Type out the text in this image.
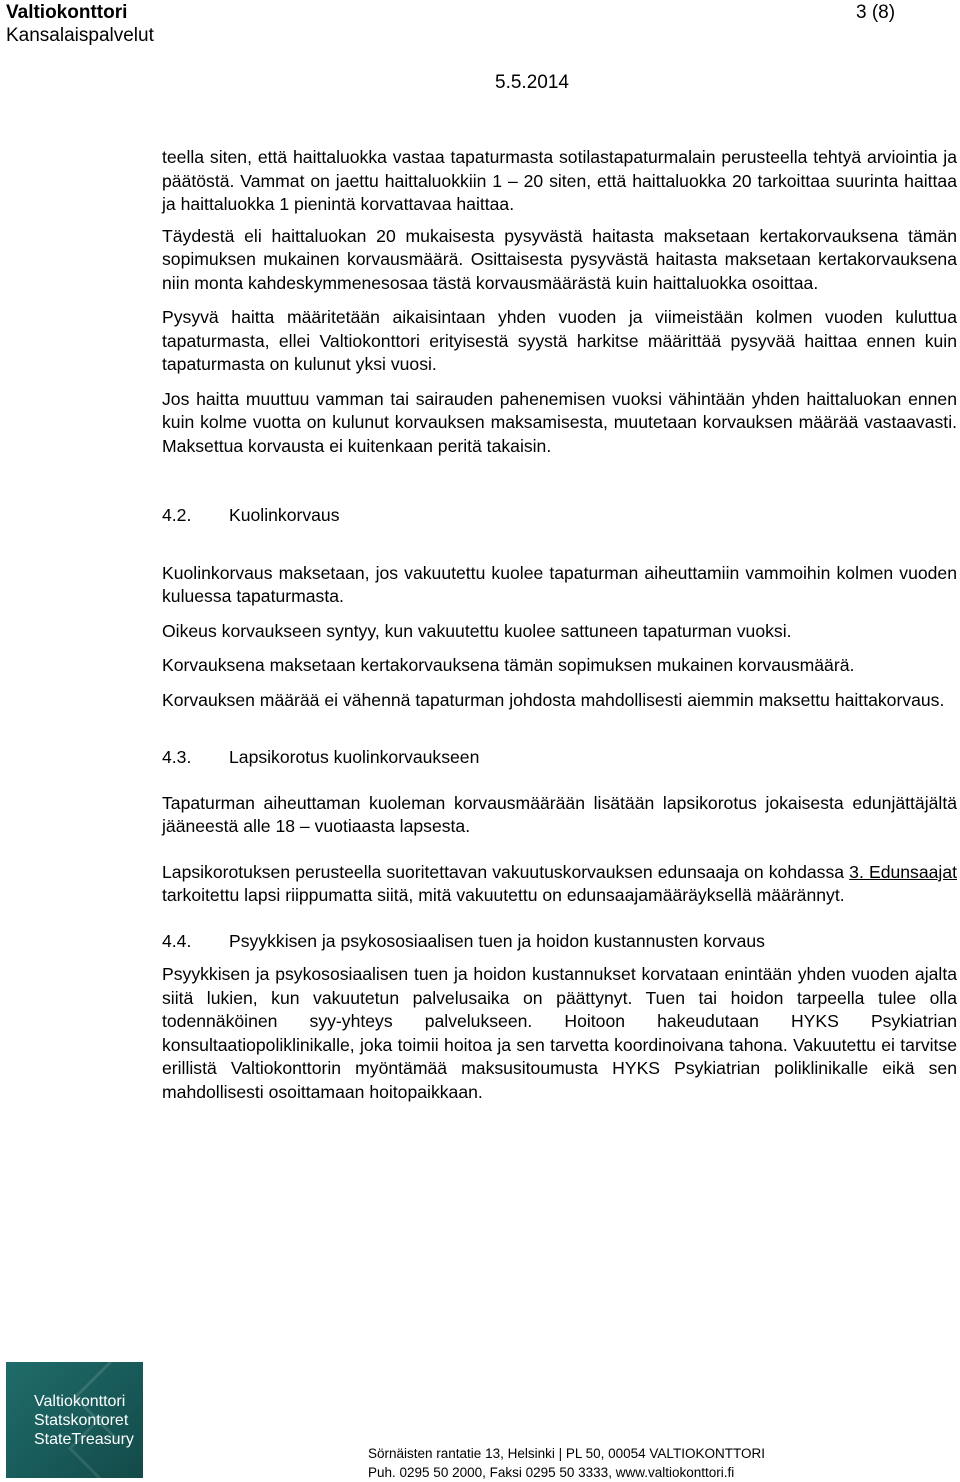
Valtiokonttori
Kansalaispalvelut
3 (8)
5.5.2014

teella siten, että haittaluokka vastaa tapaturmasta sotilastapaturmalain perusteella tehtyä arviointia ja päätöstä. Vammat on jaettu haittaluokkiin 1 – 20 siten, että haittaluokka 20 tarkoittaa suurinta haittaa ja haittaluokka 1 pienintä korvattavaa haittaa.

Täydestä eli haittaluokan 20 mukaisesta pysyvästä haitasta maksetaan kertakorvauksena tämän sopimuksen mukainen korvausmäärä. Osittaisesta pysyvästä haitasta maksetaan kertakorvauksena niin monta kahdeskymmenesosaa tästä korvausmäärästä kuin haittaluokka osoittaa.

Pysyvä haitta määritetään aikaisintaan yhden vuoden ja viimeistään kolmen vuoden kuluttua tapaturmasta, ellei Valtiokonttori erityisestä syystä harkitse määrittää pysyvää haittaa ennen kuin tapaturmasta on kulunut yksi vuosi.

Jos haitta muuttuu vamman tai sairauden pahenemisen vuoksi vähintään yhden haittaluokan ennen kuin kolme vuotta on kulunut korvauksen maksamisesta, muutetaan korvauksen määrää vastaavasti. Maksettua korvausta ei kuitenkaan peritä takaisin.

4.2.	Kuolinkorvaus

Kuolinkorvaus maksetaan, jos vakuutettu kuolee tapaturman aiheuttamiin vammoihin kolmen vuoden kuluessa tapaturmasta.

Oikeus korvaukseen syntyy, kun vakuutettu kuolee sattuneen tapaturman vuoksi.

Korvauksena maksetaan kertakorvauksena tämän sopimuksen mukainen korvausmäärä.

Korvauksen määrää ei vähennä tapaturman johdosta mahdollisesti aiemmin maksettu haittakorvaus.

4.3.	Lapsikorotus kuolinkorvaukseen

Tapaturman aiheuttaman kuoleman korvausmäärään lisätään lapsikorotus jokaisesta edunjättäjältä jääneestä alle 18 – vuotiaasta lapsesta.

Lapsikorotuksen perusteella suoritettavan vakuutuskorvauksen edunsaaja on kohdassa 3. Edunsaajat tarkoitettu lapsi riippumatta siitä, mitä vakuutettu on edunsaajamääräyksellä määrännyt.

4.4.	Psyykkisen ja psykososiaalisen tuen ja hoidon kustannusten korvaus

Psyykkisen ja psykososiaalisen tuen ja hoidon kustannukset korvataan enintään yhden vuoden ajalta siitä lukien, kun vakuutetun palvelusaika on päättynyt. Tuen tai hoidon tarpeella tulee olla todennäköinen syy-yhteys palvelukseen. Hoitoon hakeudutaan HYKS Psykiatrian konsultaatiopoliklinikalle, joka toimii hoitoa ja sen tarvetta koordinoivana tahona. Vakuutettu ei tarvitse erillistä Valtiokonttorin myöntämää maksusitoumusta HYKS Psykiatrian poliklinikalle eikä sen mahdollisesti osoittamaan hoitopaikkaan.

Valtiokonttori
Statskontoret
StateTreasury
Sörnäisten rantatie 13, Helsinki | PL 50, 00054 VALTIOKONTTORI
Puh. 0295 50 2000, Faksi 0295 50 3333, www.valtiokonttori.fi
